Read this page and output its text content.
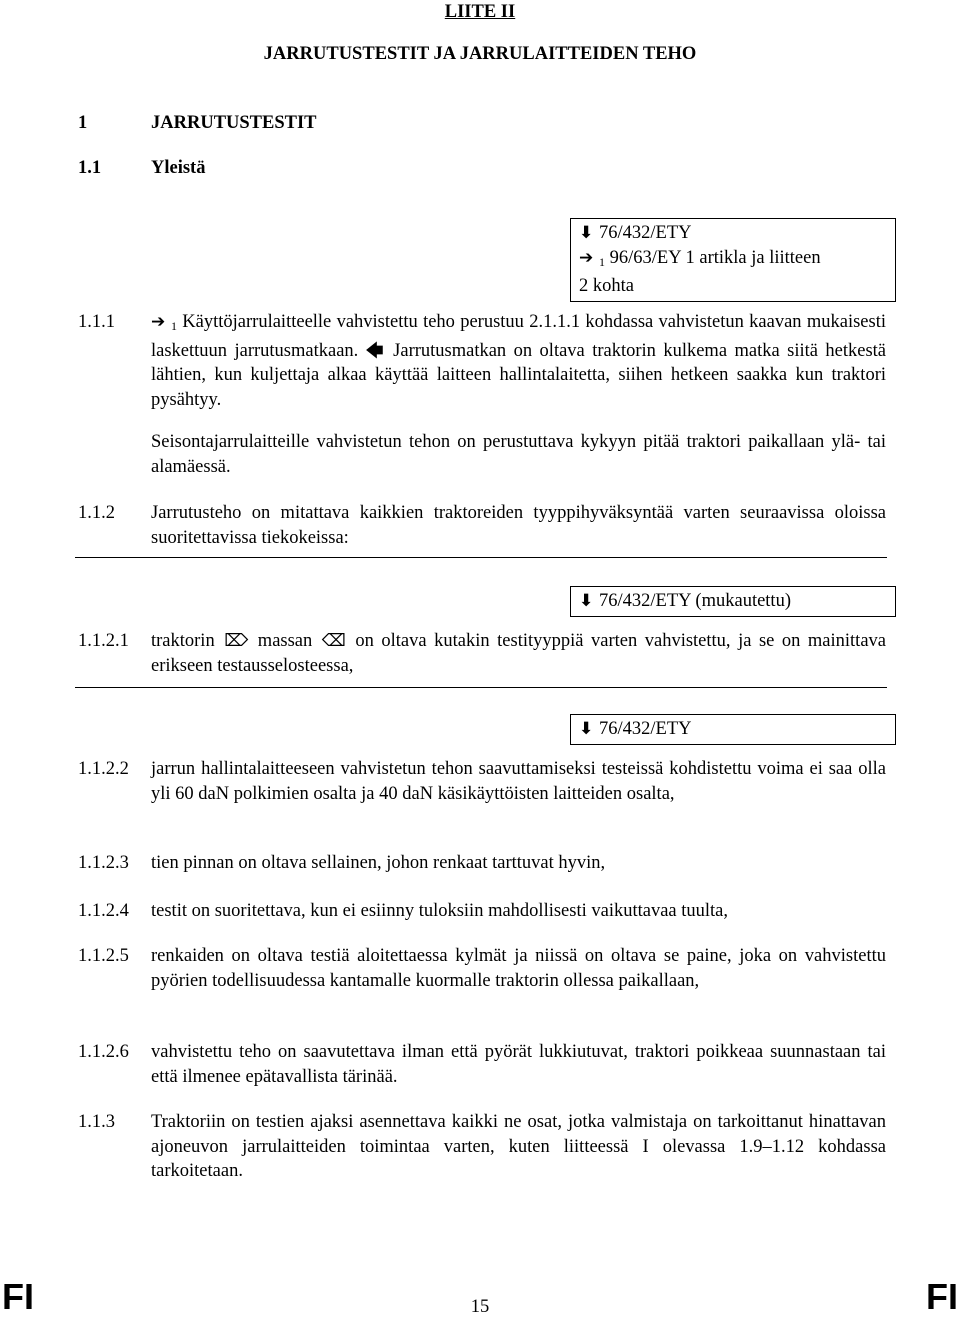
LIITE II
JARRUTUSTESTIT JA JARRULAITTEIDEN TEHO
1	JARRUTUSTESTIT
1.1	Yleistä
⬇ 76/432/ETY
➔ $_1$ 96/63/EY 1 artikla ja liitteen
2 kohta
1.1.1 ➔ $_1$ Käyttöjarrulaitteelle vahvistettu teho perustuu 2.1.1.1 kohdassa vahvistetun kaavan mukaisesti laskettuun jarrutusmatkaan. 🡄 Jarrutusmatkan on oltava traktorin kulkema matka siitä hetkestä lähtien, kun kuljettaja alkaa käyttää laitteen hallintalaitetta, siihen hetkeen saakka kun traktori pysähtyy.
Seisontajarrulaitteille vahvistetun tehon on perustuttava kykyyn pitää traktori paikallaan ylä- tai alamäessä.
1.1.2 Jarrutusteho on mitattava kaikkien traktoreiden tyyppihyväksyntää varten seuraavissa oloissa suoritettavissa tiekokeissa:
⬇ 76/432/ETY (mukautettu)
1.1.2.1 traktorin ⌦ massan ⌫ on oltava kutakin testityyppiä varten vahvistettu, ja se on mainittava erikseen testausselosteessa,
⬇ 76/432/ETY
1.1.2.2 jarrun hallintalaitteeseen vahvistetun tehon saavuttamiseksi testeissä kohdistettu voima ei saa olla yli 60 daN polkimien osalta ja 40 daN käsikäyttöisten laitteiden osalta,
1.1.2.3 tien pinnan on oltava sellainen, johon renkaat tarttuvat hyvin,
1.1.2.4 testit on suoritettava, kun ei esiinny tuloksiin mahdollisesti vaikuttavaa tuulta,
1.1.2.5 renkaiden on oltava testiä aloitettaessa kylmät ja niissä on oltava se paine, joka on vahvistettu pyörien todellisuudessa kantamalle kuormalle traktorin ollessa paikallaan,
1.1.2.6 vahvistettu teho on saavutettava ilman että pyörät lukkiutuvat, traktori poikkeaa suunnastaan tai että ilmenee epätavallista tärinää.
1.1.3 Traktoriin on testien ajaksi asennettava kaikki ne osat, jotka valmistaja on tarkoittanut hinattavan ajoneuvon jarrulaitteiden toimintaa varten, kuten liitteessä I olevassa 1.9–1.12 kohdassa tarkoitetaan.
FI	15	FI
